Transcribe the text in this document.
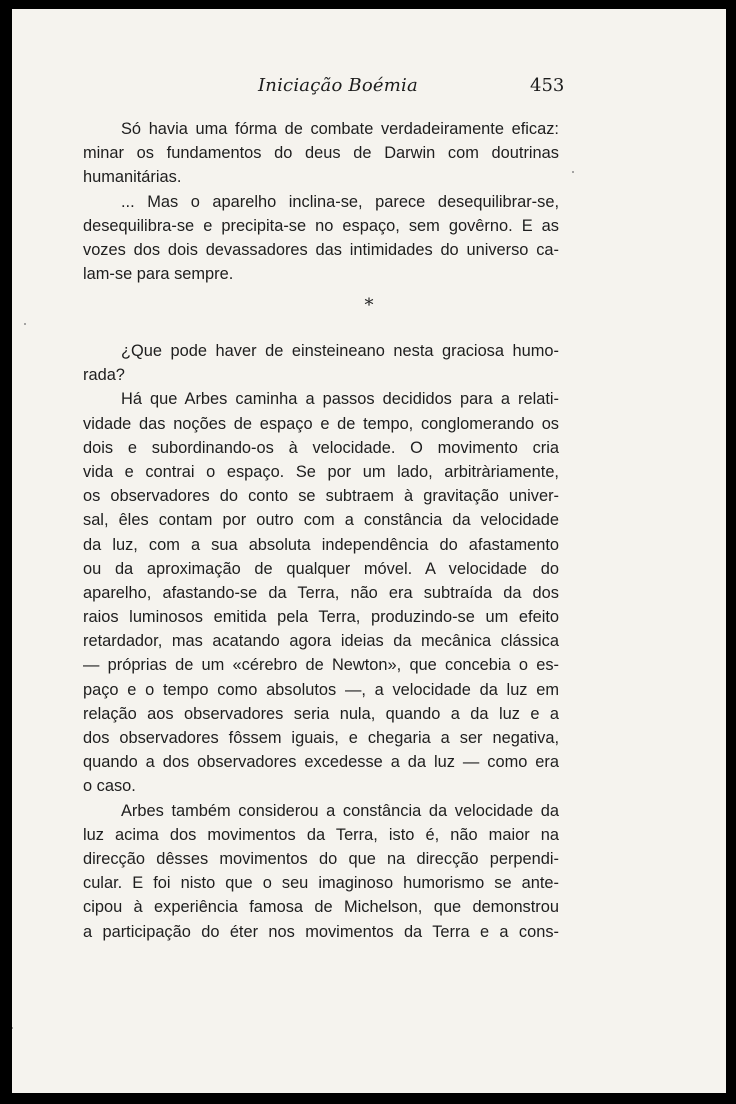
Iniciação Boémia	453
Só havia uma fórma de combate verdadeiramente eficaz:
minar os fundamentos do deus de Darwin com doutrinas
humanitárias.
... Mas o aparelho inclina-se, parece desequilibrar-se,
desequilibra-se e precipita-se no espaço, sem govêrno. E as
vozes dos dois devassadores das intimidades do universo ca-
lam-se para sempre.
*
¿Que pode haver de einsteineano nesta graciosa humo-
rada?
Há que Arbes caminha a passos decididos para a relati-
vidade das noções de espaço e de tempo, conglomerando os
dois e subordinando-os à velocidade. O movimento cria
vida e contrai o espaço. Se por um lado, arbitràriamente,
os observadores do conto se subtraem à gravitação univer-
sal, êles contam por outro com a constância da velocidade
da luz, com a sua absoluta independência do afastamento
ou da aproximação de qualquer móvel. A velocidade do
aparelho, afastando-se da Terra, não era subtraída da dos
raios luminosos emitida pela Terra, produzindo-se um efeito
retardador, mas acatando agora ideias da mecânica clássica
— próprias de um «cérebro de Newton», que concebia o es-
paço e o tempo como absolutos —, a velocidade da luz em
relação aos observadores seria nula, quando a da luz e a
dos observadores fôssem iguais, e chegaria a ser negativa,
quando a dos observadores excedesse a da luz — como era
o caso.
Arbes também considerou a constância da velocidade da
luz acima dos movimentos da Terra, isto é, não maior na
direcção dêsses movimentos do que na direcção perpendi-
cular. E foi nisto que o seu imaginoso humorismo se ante-
cipou à experiência famosa de Michelson, que demonstrou
a participação do éter nos movimentos da Terra e a cons-
